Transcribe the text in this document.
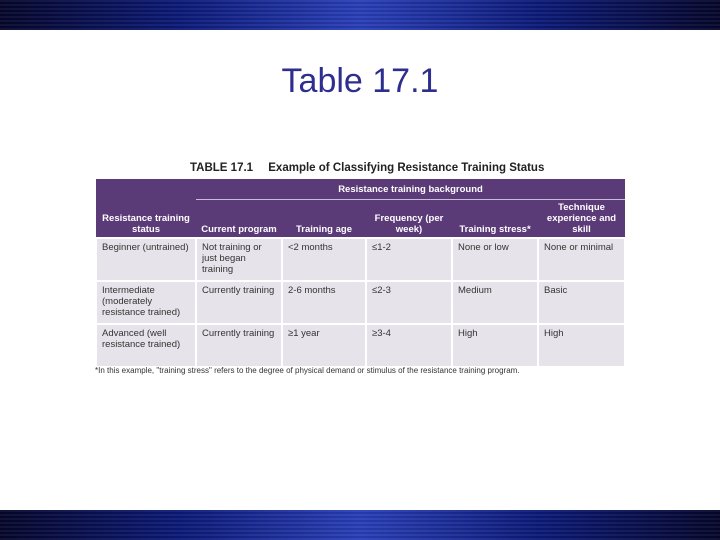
Table 17.1
TABLE 17.1 Example of Classifying Resistance Training Status
	Resistance training background				
Resistance training status	Current program	Training age	Frequency (per week)	Training stress*	Technique experience and skill
Beginner (untrained)	Not training or just began training	<2 months	≤1-2	None or low	None or minimal
Intermediate (moderately resistance trained)	Currently training	2-6 months	≤2-3	Medium	Basic
Advanced (well resistance trained)	Currently training	≥1 year	≥3-4	High	High
*In this example, "training stress" refers to the degree of physical demand or stimulus of the resistance training program.
